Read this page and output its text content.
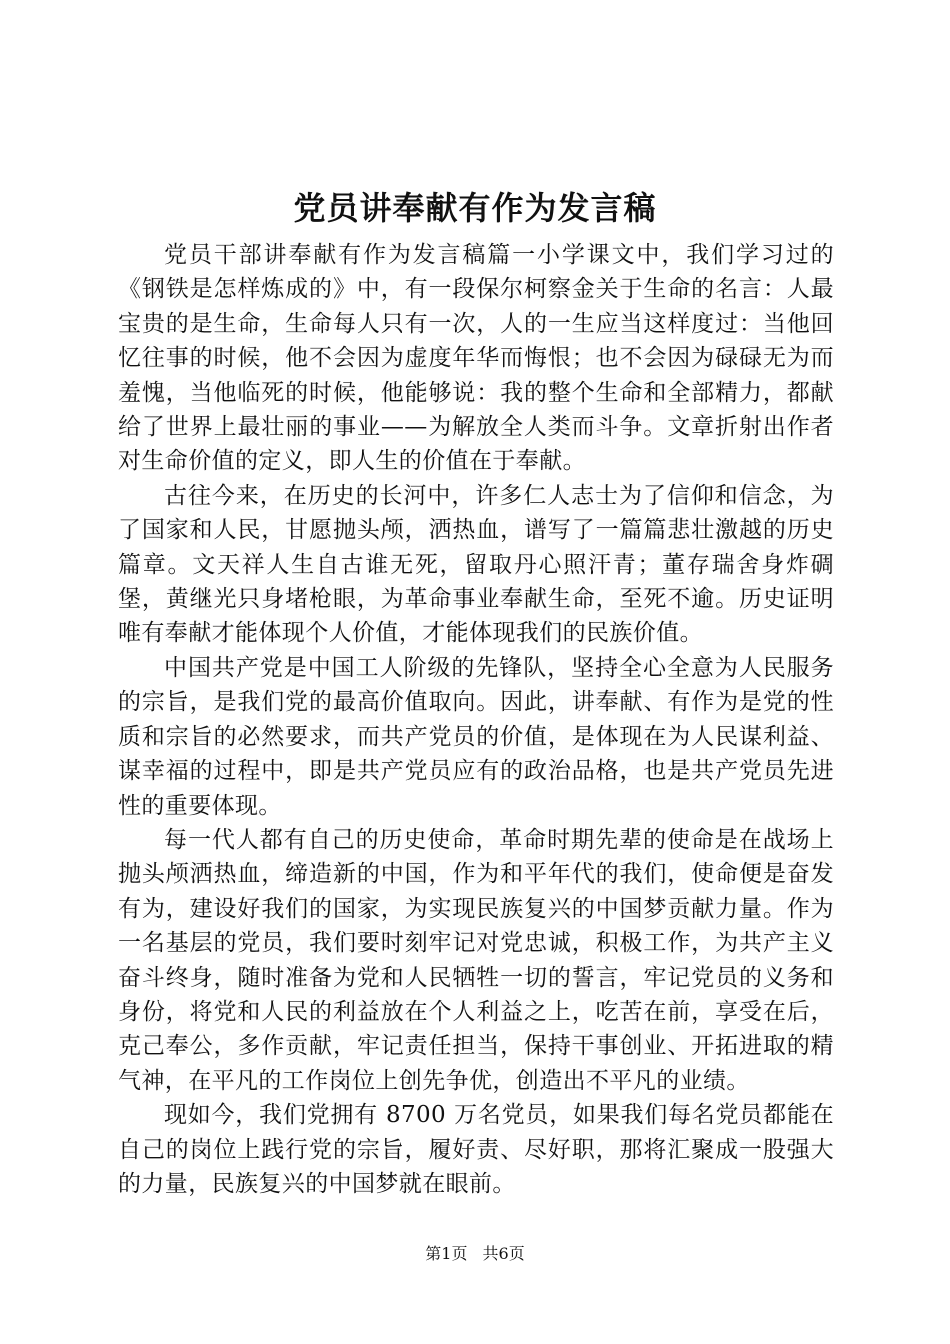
党员讲奉献有作为发言稿

党员干部讲奉献有作为发言稿篇一小学课文中，我们学习过的《钢铁是怎样炼成的》中，有一段保尔柯察金关于生命的名言：人最宝贵的是生命，生命每人只有一次，人的一生应当这样度过：当他回忆往事的时候，他不会因为虚度年华而悔恨；也不会因为碌碌无为而羞愧，当他临死的时候，他能够说：我的整个生命和全部精力，都献给了世界上最壮丽的事业——为解放全人类而斗争。文章折射出作者对生命价值的定义，即人生的价值在于奉献。

古往今来，在历史的长河中，许多仁人志士为了信仰和信念，为了国家和人民，甘愿抛头颅，洒热血，谱写了一篇篇悲壮激越的历史篇章。文天祥人生自古谁无死，留取丹心照汗青；董存瑞舍身炸碉堡，黄继光只身堵枪眼，为革命事业奉献生命，至死不逾。历史证明唯有奉献才能体现个人价值，才能体现我们的民族价值。

中国共产党是中国工人阶级的先锋队，坚持全心全意为人民服务的宗旨，是我们党的最高价值取向。因此，讲奉献、有作为是党的性质和宗旨的必然要求，而共产党员的价值，是体现在为人民谋利益、谋幸福的过程中，即是共产党员应有的政治品格，也是共产党员先进性的重要体现。

每一代人都有自己的历史使命，革命时期先辈的使命是在战场上抛头颅洒热血，缔造新的中国，作为和平年代的我们，使命便是奋发有为，建设好我们的国家，为实现民族复兴的中国梦贡献力量。作为一名基层的党员，我们要时刻牢记对党忠诚，积极工作，为共产主义奋斗终身，随时准备为党和人民牺牲一切的誓言，牢记党员的义务和身份，将党和人民的利益放在个人利益之上，吃苦在前，享受在后，克己奉公，多作贡献，牢记责任担当，保持干事创业、开拓进取的精气神，在平凡的工作岗位上创先争优，创造出不平凡的业绩。

现如今，我们党拥有 8700 万名党员，如果我们每名党员都能在自己的岗位上践行党的宗旨，履好责、尽好职，那将汇聚成一股强大的力量，民族复兴的中国梦就在眼前。

第1页 共6页
